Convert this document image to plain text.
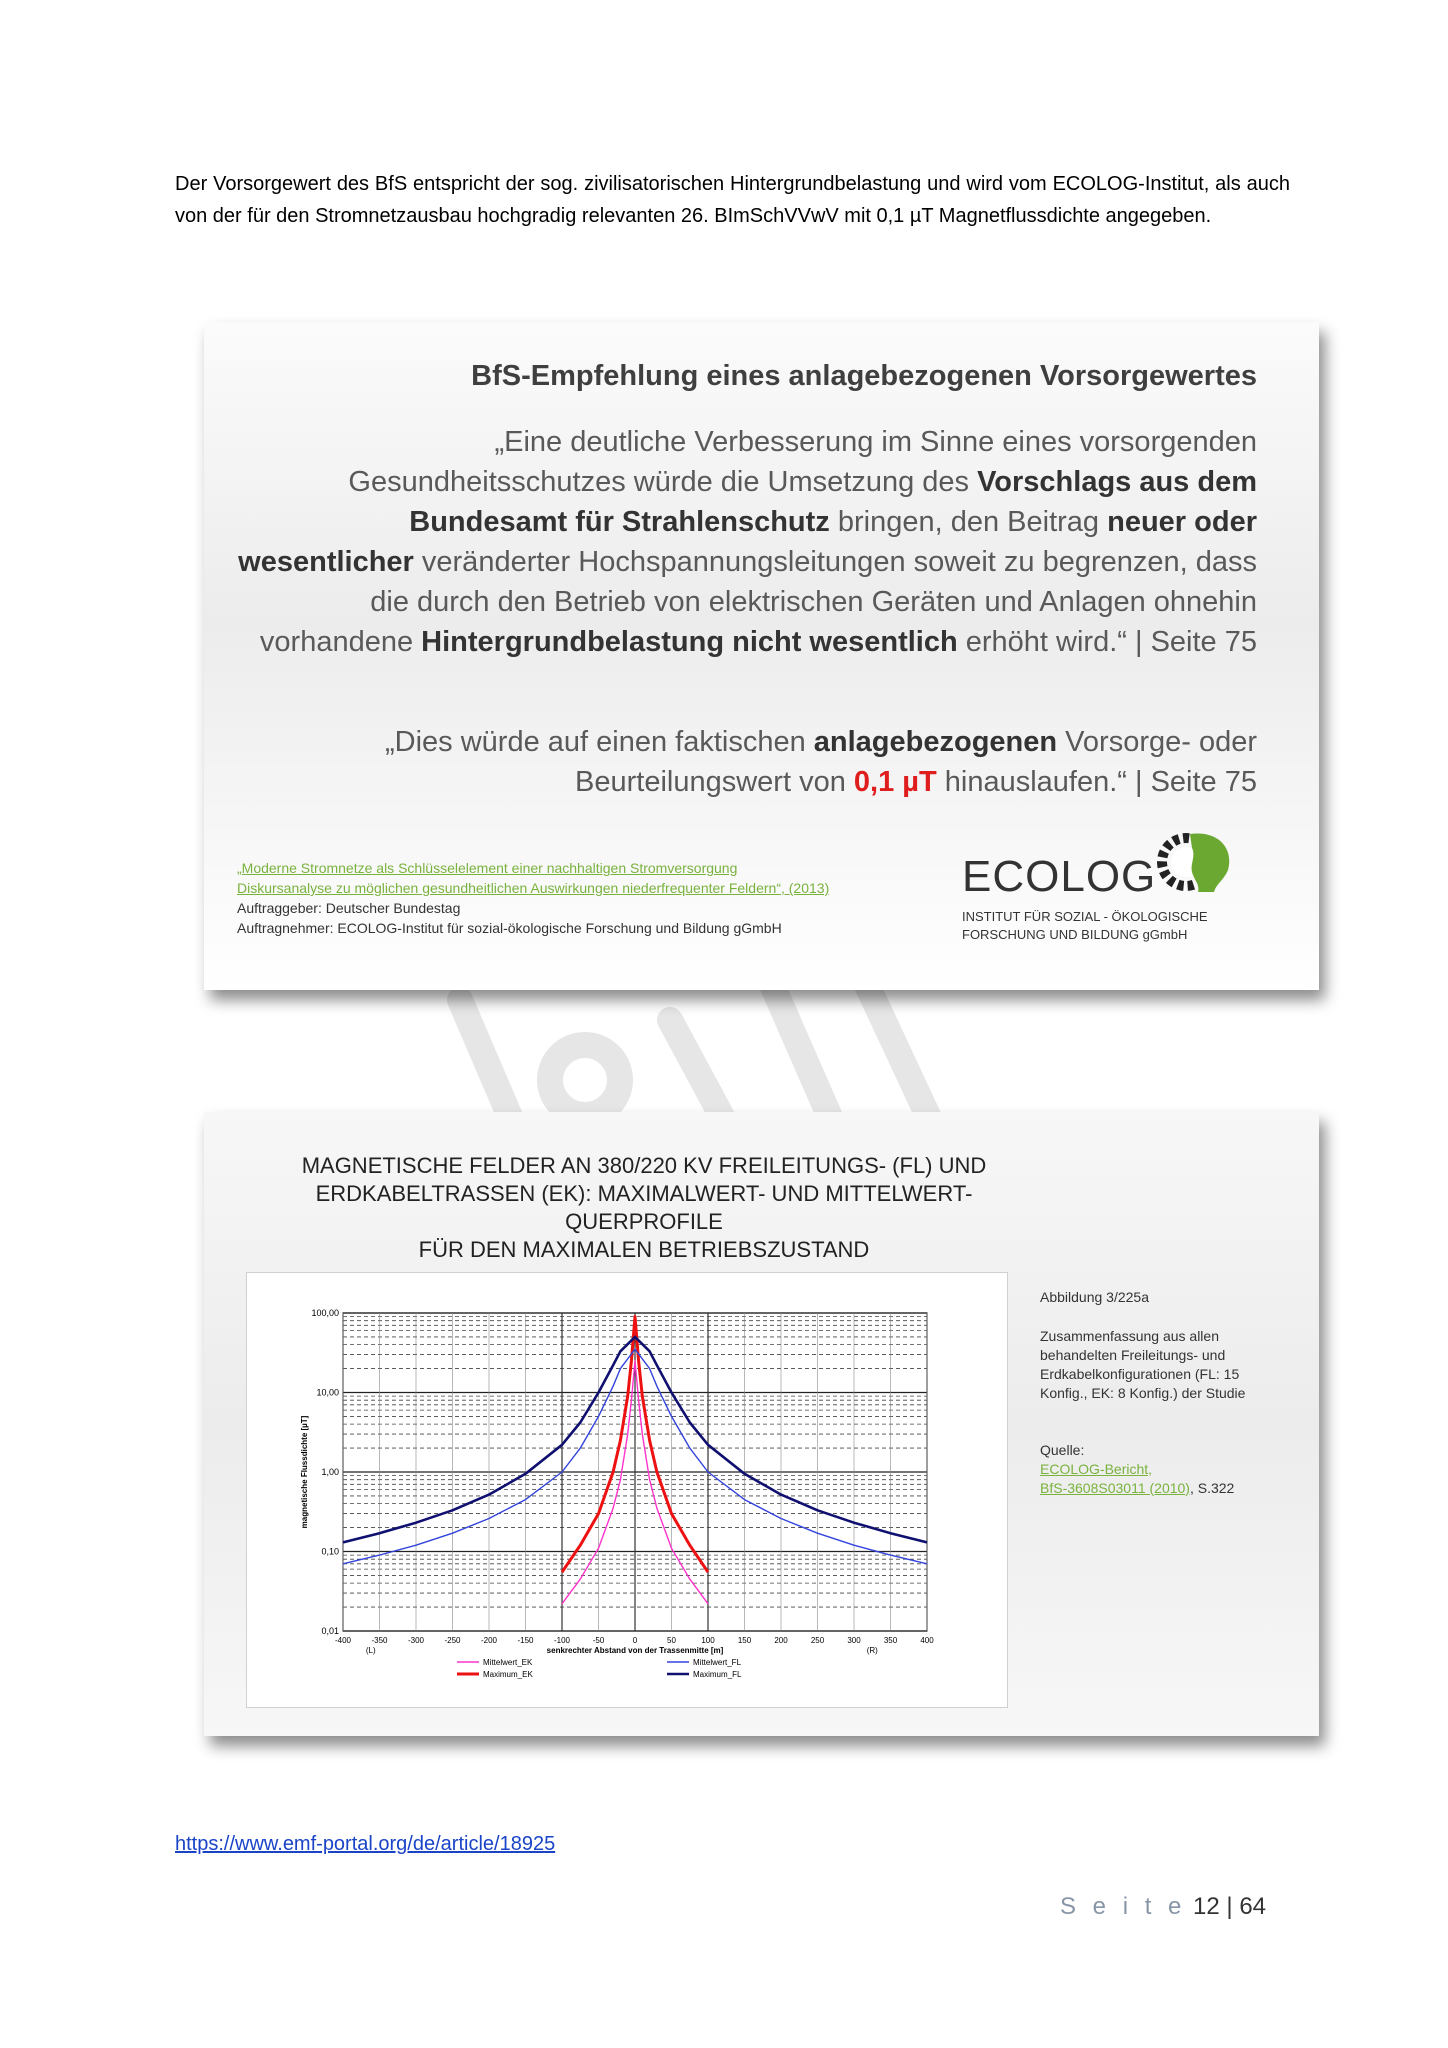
Der Vorsorgewert des BfS entspricht der sog. zivilisatorischen Hintergrundbelastung und wird vom ECOLOG-Institut, als auch von der für den Stromnetzausbau hochgradig relevanten 26. BImSchVVwV mit 0,1 µT Magnetflussdichte angegeben.
BfS-Empfehlung eines anlagebezogenen Vorsorgewertes
„Eine deutliche Verbesserung im Sinne eines vorsorgenden Gesundheitsschutzes würde die Umsetzung des Vorschlags aus dem Bundesamt für Strahlenschutz bringen, den Beitrag neuer oder wesentlicher veränderter Hochspannungsleitungen soweit zu begrenzen, dass die durch den Betrieb von elektrischen Geräten und Anlagen ohnehin vorhandene Hintergrundbelastung nicht wesentlich erhöht wird.“ | Seite 75
„Dies würde auf einen faktischen anlagebezogenen Vorsorge- oder Beurteilungswert von 0,1 µT hinauslaufen.“ | Seite 75
„Moderne Stromnetze als Schlüsselelement einer nachhaltigen Stromversorgung
Diskursanalyse zu möglichen gesundheitlichen Auswirkungen niederfrequenter Feldern“, (2013)
Auftraggeber: Deutscher Bundestag
Auftragnehmer: ECOLOG-Institut für sozial-ökologische Forschung und Bildung gGmbH
ECOLOG
INSTITUT FÜR SOZIAL - ÖKOLOGISCHE
FORSCHUNG UND BILDUNG gGmbH
MAGNETISCHE FELDER AN 380/220 KV FREILEITUNGS- (FL) UND
ERDKABELTRASSEN (EK): MAXIMALWERT- UND MITTELWERT-QUERPROFILE
FÜR DEN MAXIMALEN BETRIEBSZUSTAND
0,01
0,10
1,00
10,00
100,00
-400	-350	-300	-250	-200	-150	-100	-50	0	50	100	150	200	250	300	350	400
(L)	(R)
senkrechter Abstand von der Trassenmitte [m]
magnetische Flussdichte [µT]
Mittelwert_EK
Maximum_EK
Mittelwert_FL
Maximum_FL
Abbildung 3/225a
Zusammenfassung aus allen behandelten Freileitungs- und Erdkabelkonfigurationen (FL: 15 Konfig., EK: 8 Konfig.) der Studie
Quelle:
ECOLOG-Bericht,
BfS-3608S03011 (2010), S.322
https://www.emf-portal.org/de/article/18925
S e i t e 12 | 64
